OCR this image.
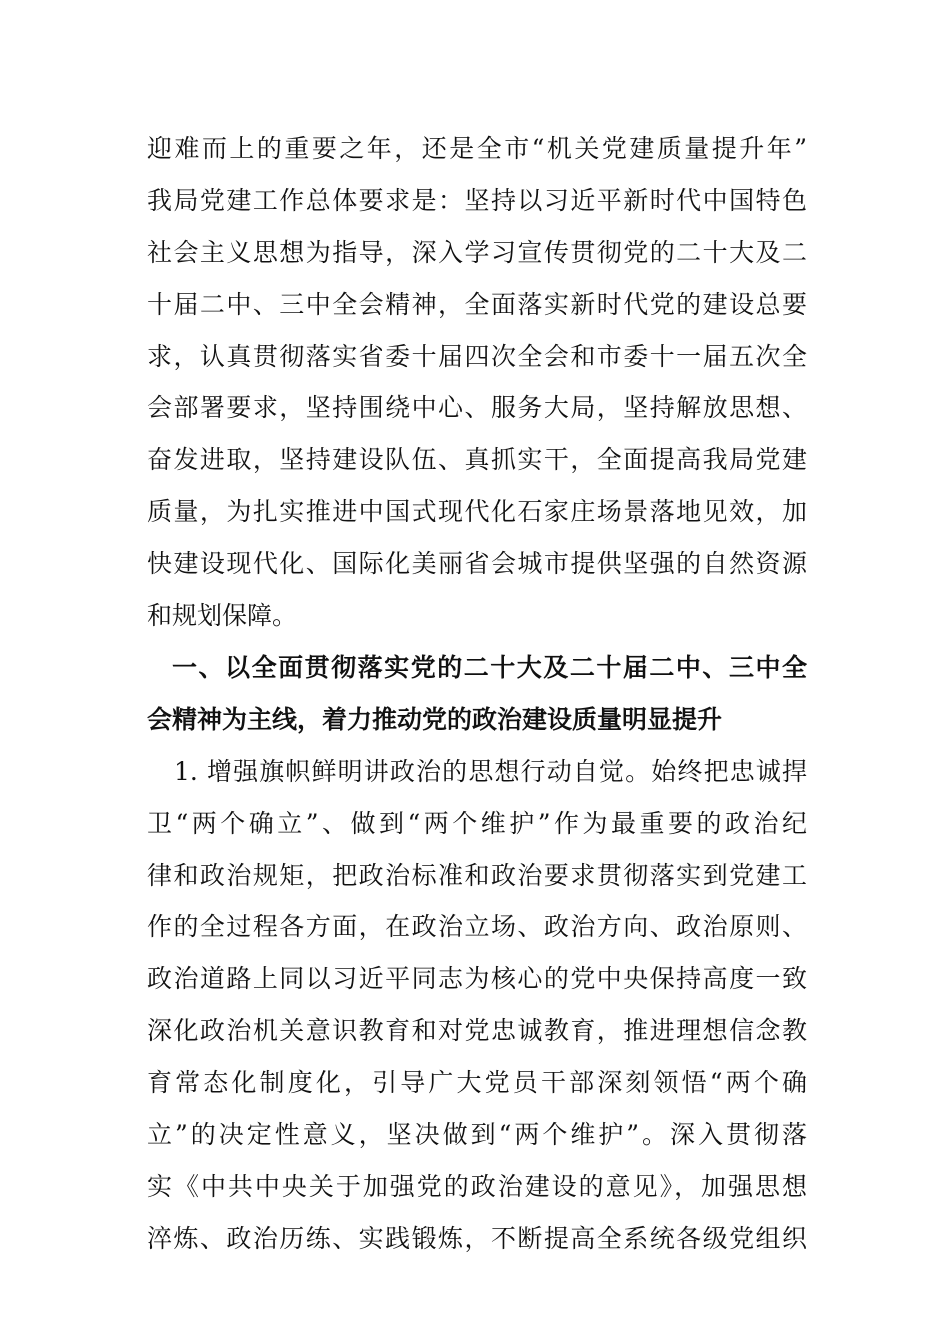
迎难而上的重要之年，还是全市“机关党建质量提升年”

我局党建工作总体要求是：坚持以习近平新时代中国特色

社会主义思想为指导，深入学习宣传贯彻党的二十大及二

十届二中、三中全会精神，全面落实新时代党的建设总要

求，认真贯彻落实省委十届四次全会和市委十一届五次全

会部署要求，坚持围绕中心、服务大局，坚持解放思想、

奋发进取，坚持建设队伍、真抓实干，全面提高我局党建

质量，为扎实推进中国式现代化石家庄场景落地见效，加

快建设现代化、国际化美丽省会城市提供坚强的自然资源

和规划保障。

一、以全面贯彻落实党的二十大及二十届二中、三中全

会精神为主线，着力推动党的政治建设质量明显提升

1. 增强旗帜鲜明讲政治的思想行动自觉。始终把忠诚捍

卫“两个确立”、做到“两个维护”作为最重要的政治纪

律和政治规矩，把政治标准和政治要求贯彻落实到党建工

作的全过程各方面，在政治立场、政治方向、政治原则、

政治道路上同以习近平同志为核心的党中央保持高度一致

深化政治机关意识教育和对党忠诚教育，推进理想信念教

育常态化制度化，引导广大党员干部深刻领悟“两个确

立”的决定性意义，坚决做到“两个维护”。深入贯彻落

实《中共中央关于加强党的政治建设的意见》，加强思想

淬炼、政治历练、实践锻炼，不断提高全系统各级党组织
